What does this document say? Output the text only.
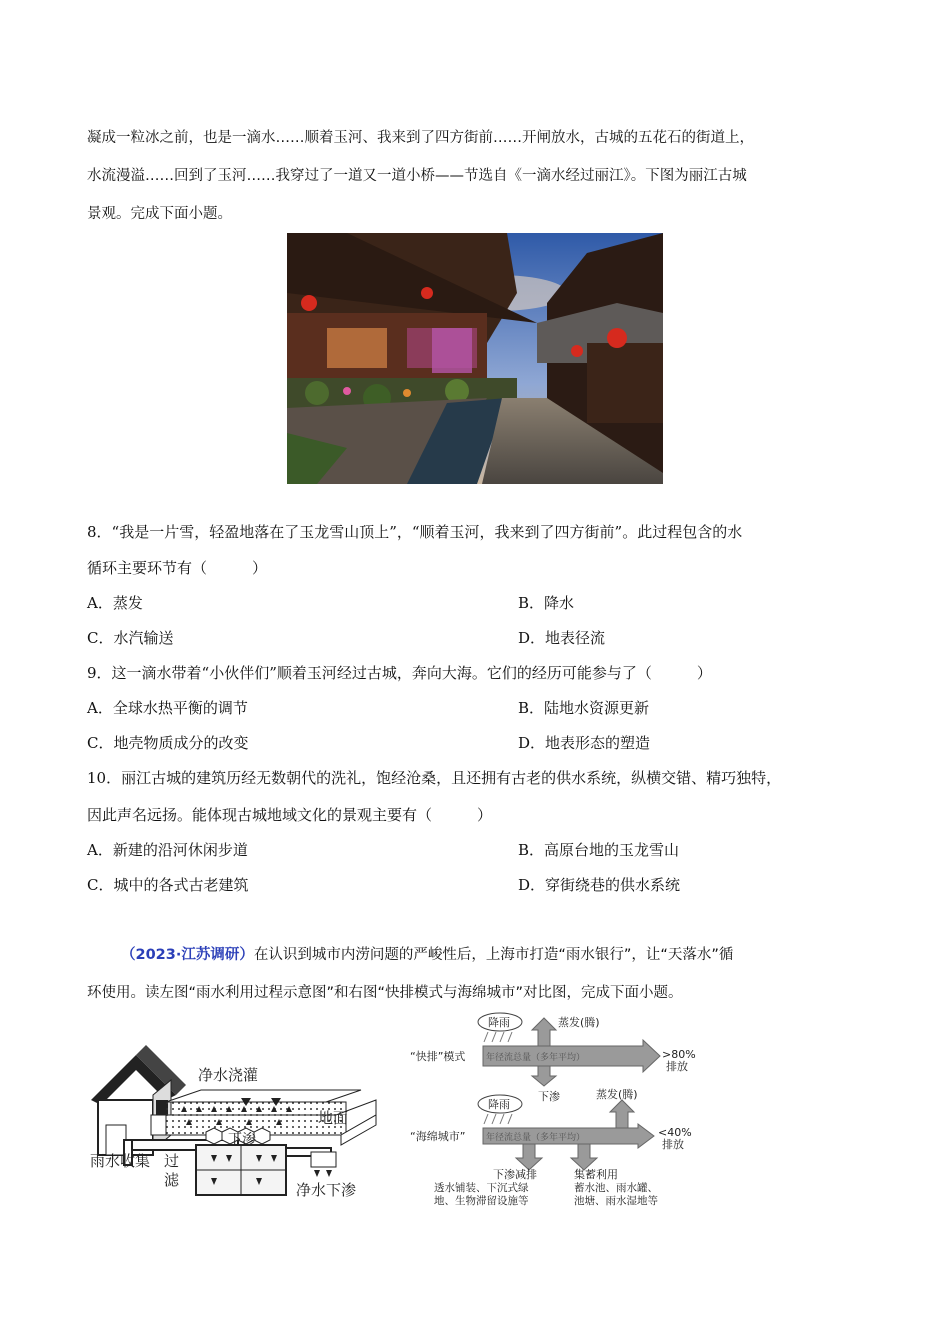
凝成一粒冰之前，也是一滴水……顺着玉河、我来到了四方街前……开闸放水，古城的五花石的街道上，
水流漫溢……回到了玉河……我穿过了一道又一道小桥——节选自《一滴水经过丽江》。下图为丽江古城
景观。完成下面小题。
8．“我是一片雪，轻盈地落在了玉龙雪山顶上”，“顺着玉河，我来到了四方街前”。此过程包含的水
循环主要环节有（　　　）
A．蒸发	B．降水
C．水汽输送	D．地表径流
9．这一滴水带着“小伙伴们”顺着玉河经过古城，奔向大海。它们的经历可能参与了（　　　）
A．全球水热平衡的调节	B．陆地水资源更新
C．地壳物质成分的改变	D．地表形态的塑造
10．丽江古城的建筑历经无数朝代的洗礼，饱经沧桑，且还拥有古老的供水系统，纵横交错、精巧独特，
因此声名远扬。能体现古城地域文化的景观主要有（　　　）
A．新建的沿河休闲步道	B．高原台地的玉龙雪山
C．城中的各式古老建筑	D．穿街绕巷的供水系统
（2023·江苏调研）在认识到城市内涝问题的严峻性后，上海市打造“雨水银行”，让“天落水”循
环使用。读左图“雨水利用过程示意图”和右图“快排模式与海绵城市”对比图，完成下面小题。
净水浇灌
地面
雨水收集
下渗
过
滤
净水下渗
降雨	蒸发(腾)
“快排”模式 年径流总量（多年平均）	>80%
排放
下渗
降雨
蒸发(腾)
“海绵城市” 年径流总量（多年平均）	<40%
排放
下渗减排
透水铺装、下沉式绿
地、生物滞留设施等
集蓄利用
蓄水池、雨水罐、
池塘、雨水湿地等
